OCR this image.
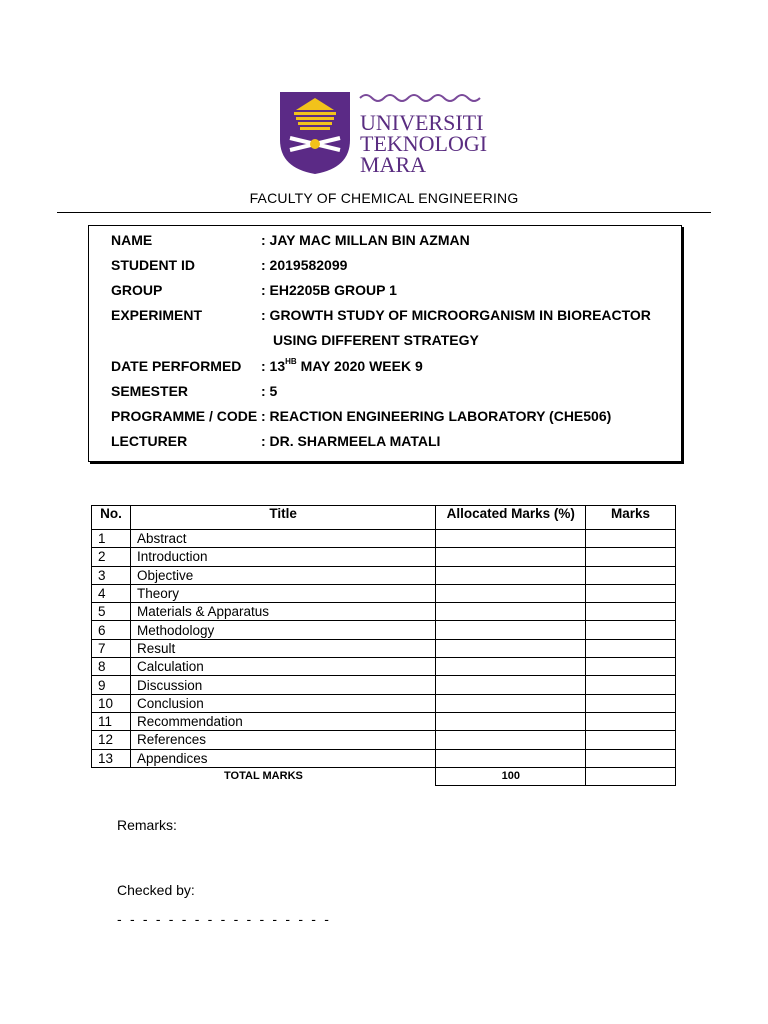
UNIVERSITI
TEKNOLOGI
MARA
FACULTY OF CHEMICAL ENGINEERING
NAME	: JAY MAC MILLAN BIN AZMAN
STUDENT ID	: 2019582099
GROUP	: EH2205B GROUP 1
EXPERIMENT	: GROWTH STUDY OF MICROORGANISM IN BIOREACTOR
USING DIFFERENT STRATEGY
DATE PERFORMED : $13^{HB}$ MAY 2020 WEEK 9
SEMESTER	: 5
PROGRAMME / CODE : REACTION ENGINEERING LABORATORY (CHE506)
LECTURER	: DR. SHARMEELA MATALI
No.	Title	Allocated Marks (%)	Marks
1	Abstract		
2	Introduction		
3	Objective		
4	Theory		
5	Materials & Apparatus		
6	Methodology		
7	Result		
8	Calculation		
9	Discussion		
10	Conclusion		
11	Recommendation		
12	References		
13	Appendices		
TOTAL MARKS		100	
Remarks:
Checked by:
- - - - - - - - - - - - - - - - -
